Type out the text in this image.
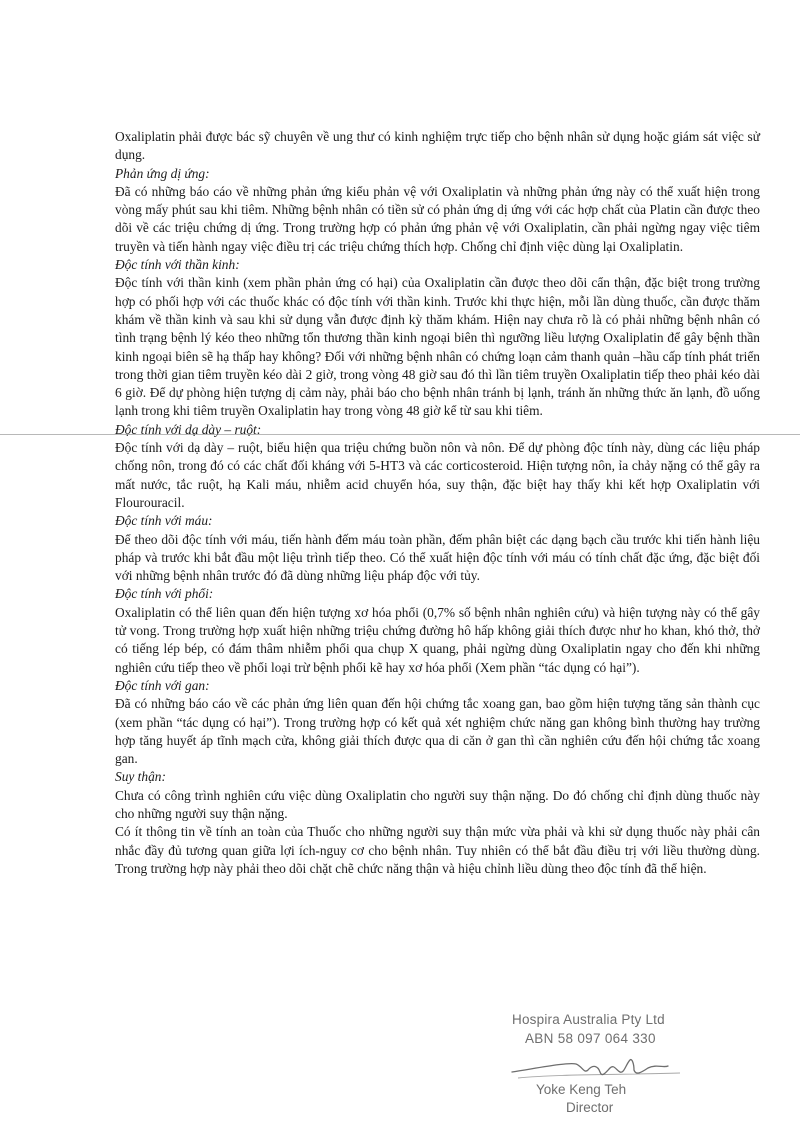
Oxaliplatin phải được bác sỹ chuyên về ung thư có kinh nghiệm trực tiếp cho bệnh nhân sử dụng hoặc giám sát việc sử dụng.

Phản ứng dị ứng:

Đã có những báo cáo về những phản ứng kiểu phản vệ với Oxaliplatin và những phản ứng này có thể xuất hiện trong vòng mấy phút sau khi tiêm. Những bệnh nhân có tiền sử có phản ứng dị ứng với các hợp chất của Platin cần được theo dõi về các triệu chứng dị ứng. Trong trường hợp có phản ứng phản vệ với Oxaliplatin, cần phải ngừng ngay việc tiêm truyền và tiến hành ngay việc điều trị các triệu chứng thích hợp. Chống chỉ định việc dùng lại Oxaliplatin.

Độc tính với thần kinh:

Độc tính với thần kinh (xem phần phản ứng có hại) của Oxaliplatin cần được theo dõi cẩn thận, đặc biệt trong trường hợp có phối hợp với các thuốc khác có độc tính với thần kinh. Trước khi thực hiện, mỗi lần dùng thuốc, cần được thăm khám về thần kinh và sau khi sử dụng vẫn được định kỳ thăm khám. Hiện nay chưa rõ là có phải những bệnh nhân có tình trạng bệnh lý kéo theo những tổn thương thần kinh ngoại biên thì ngưỡng liều lượng Oxaliplatin để gây bệnh thần kinh ngoại biên sẽ hạ thấp hay không? Đối với những bệnh nhân có chứng loạn cảm thanh quản –hầu cấp tính phát triển trong thời gian tiêm truyền kéo dài 2 giờ, trong vòng 48 giờ sau đó thì lần tiêm truyền Oxaliplatin tiếp theo phải kéo dài 6 giờ. Để dự phòng hiện tượng dị cảm này, phải báo cho bệnh nhân tránh bị lạnh, tránh ăn những thức ăn lạnh, đồ uống lạnh trong khi tiêm truyền Oxaliplatin hay trong vòng 48 giờ kể từ sau khi tiêm.

Độc tính với dạ dày – ruột:

Độc tính với dạ dày – ruột, biểu hiện qua triệu chứng buồn nôn và nôn. Để dự phòng độc tính này, dùng các liệu pháp chống nôn, trong đó có các chất đối kháng với 5-HT3 và các corticosteroid. Hiện tượng nôn, ỉa chảy nặng có thể gây ra mất nước, tắc ruột, hạ Kali máu, nhiễm acid chuyển hóa, suy thận, đặc biệt hay thấy khi kết hợp Oxaliplatin với Flourouracil.

Độc tính với máu:

Để theo dõi độc tính với máu, tiến hành đếm máu toàn phần, đếm phân biệt các dạng bạch cầu trước khi tiến hành liệu pháp và trước khi bắt đầu một liệu trình tiếp theo. Có thể xuất hiện độc tính với máu có tính chất đặc ứng, đặc biệt đối với những bệnh nhân trước đó đã dùng những liệu pháp độc với tủy.

Độc tính với phổi:

Oxaliplatin có thể liên quan đến hiện tượng xơ hóa phổi (0,7% số bệnh nhân nghiên cứu) và hiện tượng này có thể gây tử vong. Trong trường hợp xuất hiện những triệu chứng đường hô hấp không giải thích được như ho khan, khó thở, thở có tiếng lép bép, có đám thâm nhiễm phổi qua chụp X quang, phải ngừng dùng Oxaliplatin ngay cho đến khi những nghiên cứu tiếp theo về phổi loại trừ bệnh phổi kẽ hay xơ hóa phổi (Xem phần “tác dụng có hại”).

Độc tính với gan:

Đã có những báo cáo về các phản ứng liên quan đến hội chứng tắc xoang gan, bao gồm hiện tượng tăng sản thành cục (xem phần “tác dụng có hại”). Trong trường hợp có kết quả xét nghiệm chức năng gan không bình thường hay trường hợp tăng huyết áp tĩnh mạch cửa, không giải thích được qua di căn ở gan thì cần nghiên cứu đến hội chứng tắc xoang gan.

Suy thận:

Chưa có công trình nghiên cứu việc dùng Oxaliplatin cho người suy thận nặng. Do đó chống chỉ định dùng thuốc này cho những người suy thận nặng.

Có ít thông tin về tính an toàn của Thuốc cho những người suy thận mức vừa phải và khi sử dụng thuốc này phải cân nhắc đầy đủ tương quan giữa lợi ích-nguy cơ cho bệnh nhân. Tuy nhiên có thể bắt đầu điều trị với liều thường dùng. Trong trường hợp này phải theo dõi chặt chẽ chức năng thận và hiệu chỉnh liều dùng theo độc tính đã thể hiện.

Hospira Australia Pty Ltd
ABN 58 097 064 330
Yoke Keng Teh
Director
